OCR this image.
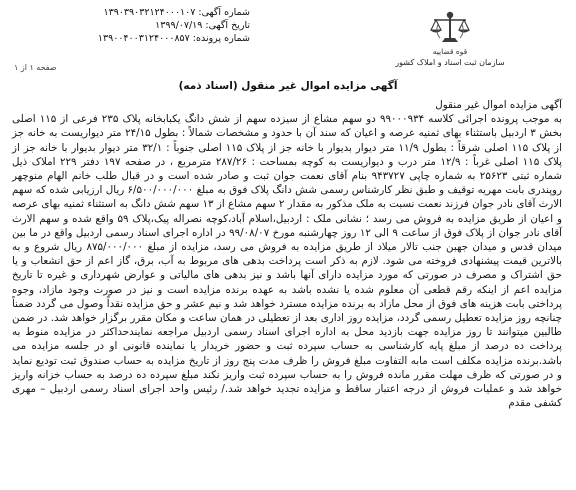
شماره آگهی: ۱۳۹۰۳۹۰۳۲۱۲۴۰۰۰۱۰۷
تاریخ آگهی: ۱۳۹۹/۰۷/۱۹
شماره پرونده: ۱۳۹۰۰۴۰۰۳۱۲۴۰۰۰۸۵۷
قوه قضاییه
سازمان ثبت اسناد و املاک کشور
صفحه ۱ از ۱
آگهی مزایده اموال غیر منقول (اسناد ذمه)

آگهی مزایده اموال غیر منقول

به موجب پرونده اجرائی کلاسه ۹۹۰۰۰۹۳۴ دو سهم مشاع از سیزده سهم از شش دانگ یکبابخانه پلاک ۲۳۵ فرعی از ۱۱۵ اصلی بخش ۳ اردبیل باستثناء بهای ثمنیه عرصه و اعیان که سند آن با حدود و مشخصات شمالاً : بطول ۲۴/۱۵ متر دیواریست به خانه جز از پلاک ۱۱۵ اصلی شرقاً : بطول ۱۱/۹ متر دیوار بدیوار با خانه جز از پلاک ۱۱۵ اصلی جنوباً : ۳۲/۱ متر دیوار بدیوار با خانه جز از پلاک ۱۱۵ اصلی غرباً : ۱۲/۹ متر درب و دیواریست به کوچه بمساحت : ۲۸۷/۲۶ مترمربع ، در صفحه ۱۹۷ دفتر ۲۲۹ املاک ذیل شماره ثبتی ۲۵۶۲۳ به شماره چاپی ۹۴۳۷۲۷ بنام آقای نعمت جوان ثبت و صادر شده است و در قبال طلب خانم الهام منوچهر روپندری بابت مهریه توقیف و طبق نظر کارشناس رسمی شش دانگ پلاک فوق به مبلغ ۶/۵۰۰/۰۰۰/۰۰۰ ریال ارزیابی شده که سهم الارث آقای نادر جوان فرزند نعمت نسبت به ملک مذکور به مقدار ۲ سهم مشاع از ۱۳ سهم شش دانگ به استثناء ثمنیه بهای عرصه و اعیان از طریق مزایده به فروش می رسد ؛ نشانی ملک : اردبیل،اسلام آباد،کوچه نصراله پیک،پلاک ۵۹ واقع شده و سهم الارث آقای نادر جوان از پلاک فوق از ساعت ۹ الی ۱۲ روز چهارشنبه مورخ ۹۹/۰۸/۰۷ در اداره اجرای اسناد رسمی اردبیل واقع در ما بین میدان قدس و میدان جهبن جنب تالار میلاد از طریق مزایده به فروش می رسد، مزایده از مبلغ ۸۷۵/۰۰۰/۰۰۰ ریال شروع و به بالاترین قیمت پیشنهادی فروخته می شود. لازم به ذکر است پرداخت بدهی های مربوط به آب، برق، گاز اعم از حق انشعاب و یا حق اشتراک و مصرف در صورتی که مورد مزایده دارای آنها باشد و نیز بدهی های مالیاتی و عوارض شهرداری و غیره تا تاریخ مزایده اعم از اینکه رقم قطعی آن معلوم شده یا نشده باشد به عهده برنده مزایده است و نیز در صورت وجود مازاد، وجوه پرداختی بابت هزینه های فوق از محل مازاد به برنده مزایده مسترد خواهد شد و نیم عشر و حق مزایده نقداً وصول می گردد ضمناً چنانچه روز مزایده تعطیل رسمی گردد، مزایده روز اداری بعد از تعطیلی در همان ساعت و مکان مقرر برگزار خواهد شد. در ضمن طالبین میتوانند تا روز مزایده جهت بازدید محل به اداره اجرای اسناد رسمی اردبیل مراجعه نمایندحداکثر در مزایده منوط به پرداخت ده درصد از مبلغ پایه کارشناسی به حساب سپرده ثبت و حضور خریدار یا نماینده قانونی او در جلسه مزایده می باشد.برنده مزایده مکلف است مابه التفاوت مبلغ فروش را ظرف مدت پنج روز از تاریخ مزایده به حساب صندوق ثبت تودیع نماید و در صورتی که ظرف مهلت مقرر مانده فروش را به حساب سپرده ثبت واریز نکند مبلغ سپرده ده درصد به حساب خزانه واریز خواهد شد و عملیات فروش از درجه اعتبار ساقط و مزایده تجدید خواهد شد./ رئیس واحد اجرای اسناد رسمی اردبیل – مهری کشفی مقدم
